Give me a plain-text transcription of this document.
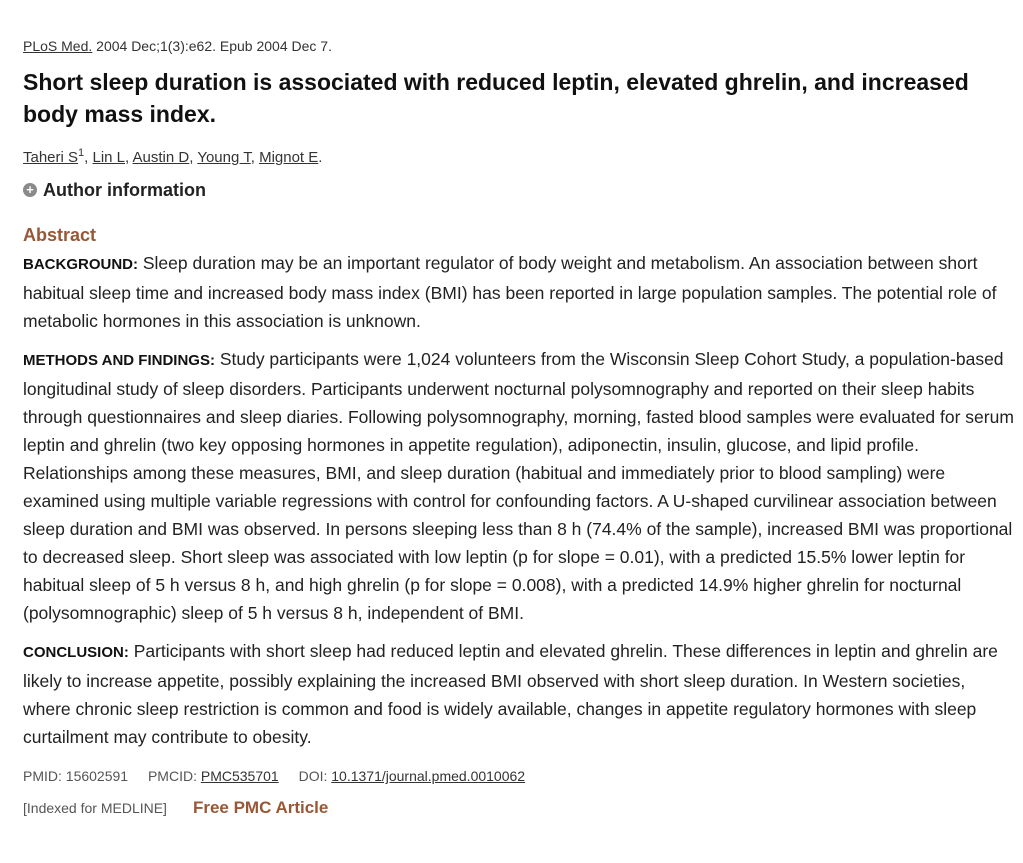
PLoS Med. 2004 Dec;1(3):e62. Epub 2004 Dec 7.
Short sleep duration is associated with reduced leptin, elevated ghrelin, and increased body mass index.
Taheri $S^1$, Lin L, Austin D, Young T, Mignot E.
+ Author information
Abstract

BACKGROUND: Sleep duration may be an important regulator of body weight and metabolism. An association between short habitual sleep time and increased body mass index (BMI) has been reported in large population samples. The potential role of metabolic hormones in this association is unknown.

METHODS AND FINDINGS: Study participants were 1,024 volunteers from the Wisconsin Sleep Cohort Study, a population-based longitudinal study of sleep disorders. Participants underwent nocturnal polysomnography and reported on their sleep habits through questionnaires and sleep diaries. Following polysomnography, morning, fasted blood samples were evaluated for serum leptin and ghrelin (two key opposing hormones in appetite regulation), adiponectin, insulin, glucose, and lipid profile. Relationships among these measures, BMI, and sleep duration (habitual and immediately prior to blood sampling) were examined using multiple variable regressions with control for confounding factors. A U-shaped curvilinear association between sleep duration and BMI was observed. In persons sleeping less than 8 h (74.4% of the sample), increased BMI was proportional to decreased sleep. Short sleep was associated with low leptin (p for slope = 0.01), with a predicted 15.5% lower leptin for habitual sleep of 5 h versus 8 h, and high ghrelin (p for slope = 0.008), with a predicted 14.9% higher ghrelin for nocturnal (polysomnographic) sleep of 5 h versus 8 h, independent of BMI.

CONCLUSION: Participants with short sleep had reduced leptin and elevated ghrelin. These differences in leptin and ghrelin are likely to increase appetite, possibly explaining the increased BMI observed with short sleep duration. In Western societies, where chronic sleep restriction is common and food is widely available, changes in appetite regulatory hormones with sleep curtailment may contribute to obesity.

PMID: 15602591 PMCID: PMC535701 DOI: 10.1371/journal.pmed.0010062
[Indexed for MEDLINE] Free PMC Article
